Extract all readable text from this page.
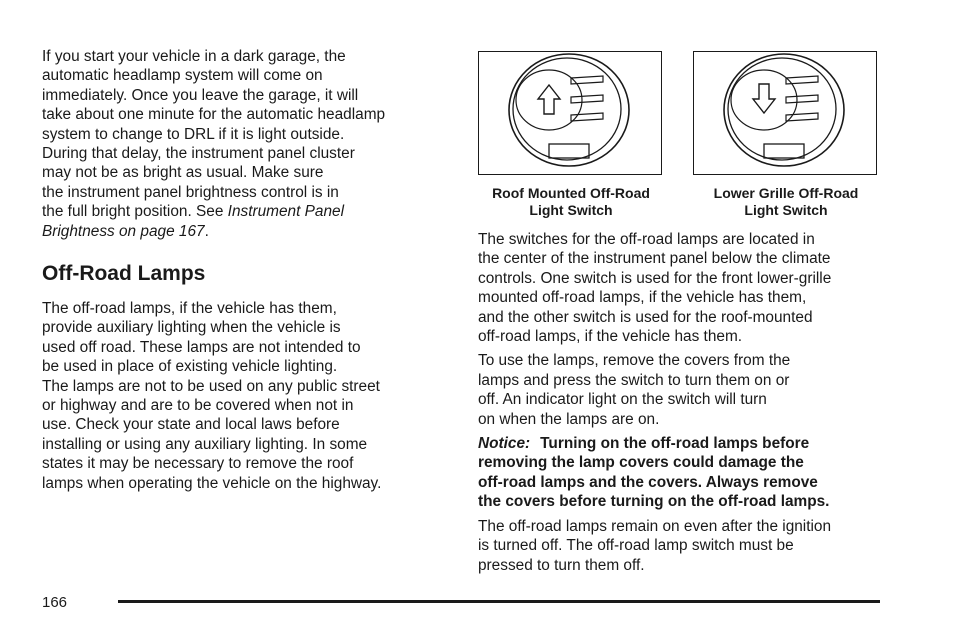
If you start your vehicle in a dark garage, the

automatic headlamp system will come on

immediately. Once you leave the garage, it will

take about one minute for the automatic headlamp

system to change to DRL if it is light outside.

During that delay, the instrument panel cluster

may not be as bright as usual. Make sure

the instrument panel brightness control is in

the full bright position. See Instrument Panel

Brightness on page 167.

Off-Road Lamps

The off-road lamps, if the vehicle has them,

provide auxiliary lighting when the vehicle is

used off road. These lamps are not intended to

be used in place of existing vehicle lighting.

The lamps are not to be used on any public street

or highway and are to be covered when not in

use. Check your state and local laws before

installing or using any auxiliary lighting. In some

states it may be necessary to remove the roof

lamps when operating the vehicle on the highway.

Roof Mounted Off-Road
Light Switch
Lower Grille Off-Road
Light Switch

The switches for the off-road lamps are located in

the center of the instrument panel below the climate

controls. One switch is used for the front lower-grille

mounted off-road lamps, if the vehicle has them,

and the other switch is used for the roof-mounted

off-road lamps, if the vehicle has them.

To use the lamps, remove the covers from the

lamps and press the switch to turn them on or

off. An indicator light on the switch will turn

on when the lamps are on.

Notice: Turning on the off-road lamps before

removing the lamp covers could damage the

off-road lamps and the covers. Always remove

the covers before turning on the off-road lamps.

The off-road lamps remain on even after the ignition

is turned off. The off-road lamp switch must be

pressed to turn them off.

166
